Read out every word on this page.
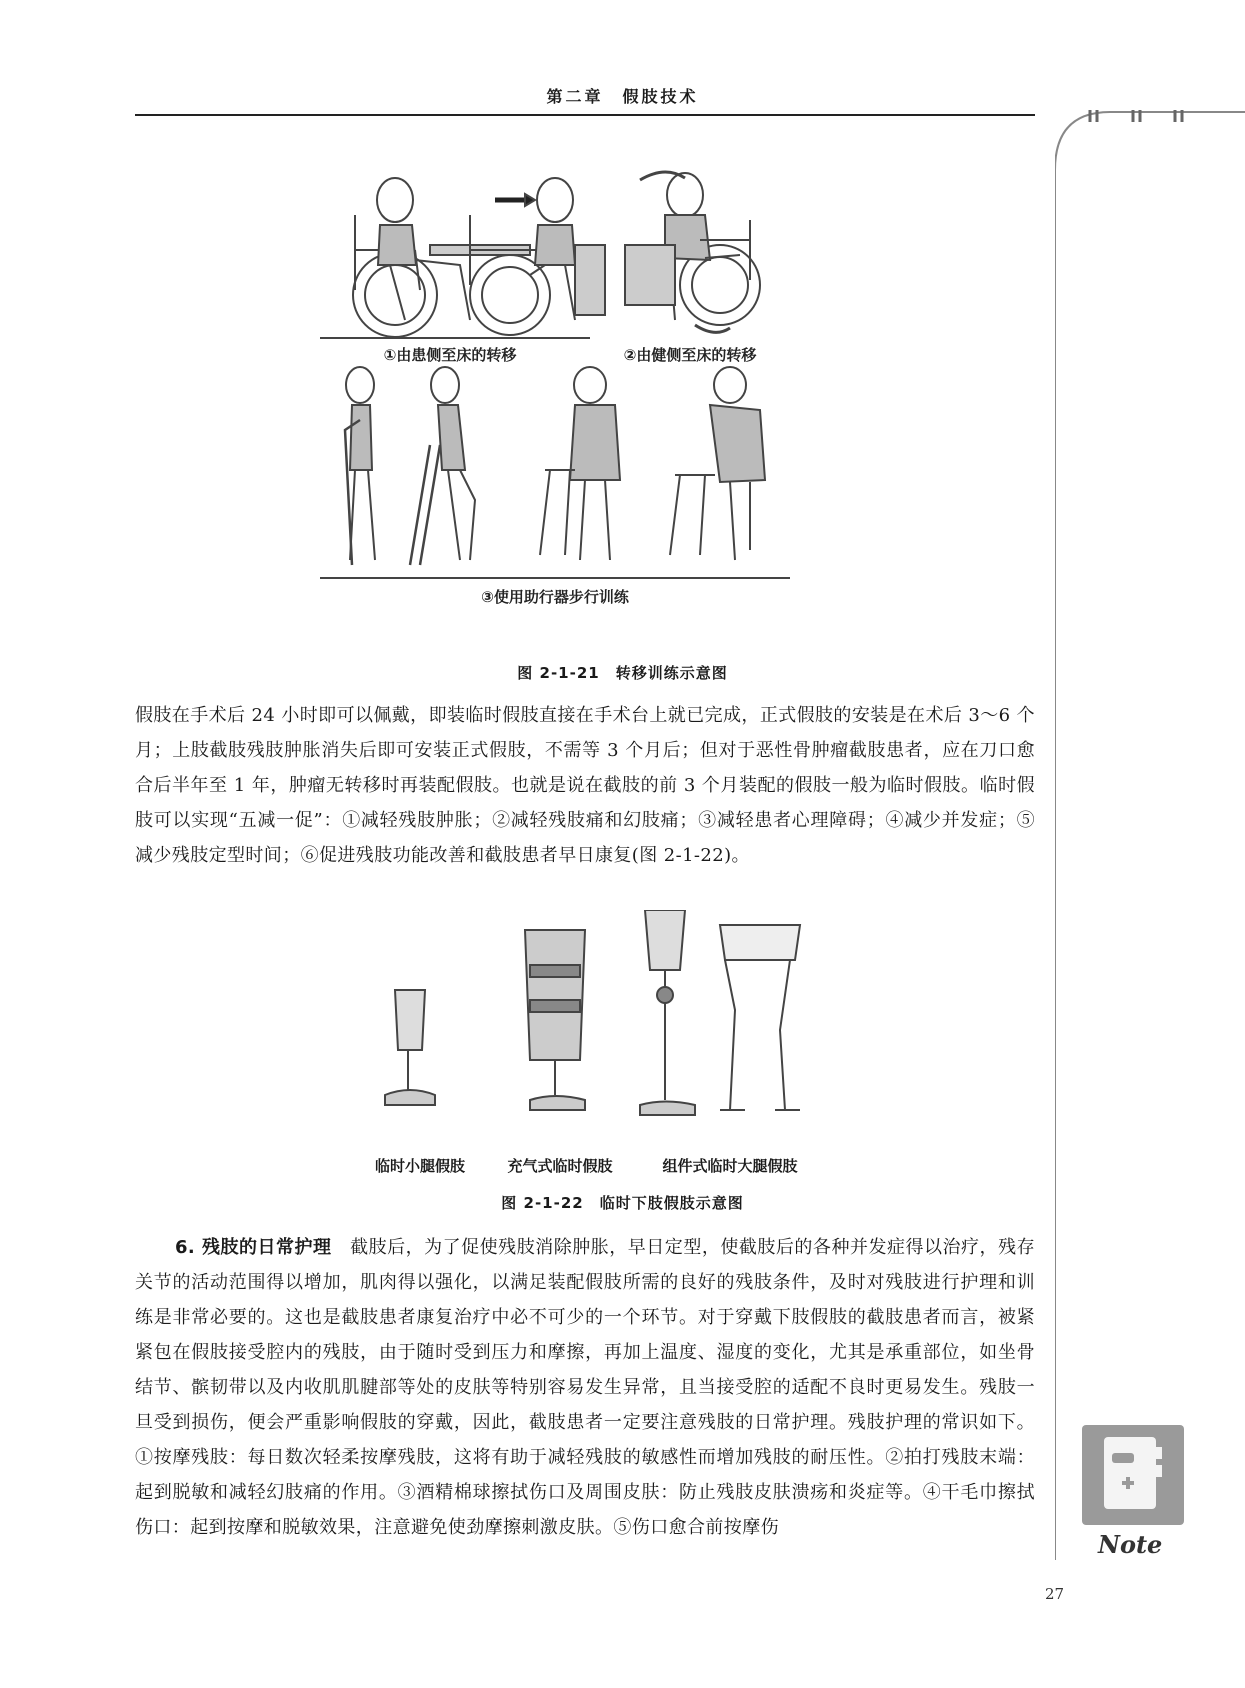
第二章　假肢技术
①由患侧至床的转移	②由健侧至床的转移
③使用助行器步行训练
图 2-1-21　转移训练示意图

假肢在手术后 24 小时即可以佩戴，即装临时假肢直接在手术台上就已完成，正式假肢的安装是在术后 3～6 个月；上肢截肢残肢肿胀消失后即可安装正式假肢，不需等 3 个月后；但对于恶性骨肿瘤截肢患者，应在刀口愈合后半年至 1 年，肿瘤无转移时再装配假肢。也就是说在截肢的前 3 个月装配的假肢一般为临时假肢。临时假肢可以实现“五减一促”：①减轻残肢肿胀；②减轻残肢痛和幻肢痛；③减轻患者心理障碍；④减少并发症；⑤减少残肢定型时间；⑥促进残肢功能改善和截肢患者早日康复(图 2-1-22)。

临时小腿假肢	充气式临时假肢	组件式临时大腿假肢
图 2-1-22　临时下肢假肢示意图
6. 残肢的日常护理　 截肢后，为了促使残肢消除肿胀，早日定型，使截肢后的各种并发症得以治疗，残存关节的活动范围得以增加，肌肉得以强化，以满足装配假肢所需的良好的残肢条件，及时对残肢进行护理和训练是非常必要的。这也是截肢患者康复治疗中必不可少的一个环节。对于穿戴下肢假肢的截肢患者而言，被紧紧包在假肢接受腔内的残肢，由于随时受到压力和摩擦，再加上温度、湿度的变化，尤其是承重部位，如坐骨结节、髌韧带以及内收肌肌腱部等处的皮肤等特别容易发生异常，且当接受腔的适配不良时更易发生。残肢一旦受到损伤，便会严重影响假肢的穿戴，因此，截肢患者一定要注意残肢的日常护理。残肢护理的常识如下。①按摩残肢：每日数次轻柔按摩残肢，这将有助于减轻残肢的敏感性而增加残肢的耐压性。②拍打残肢末端：起到脱敏和减轻幻肢痛的作用。③酒精棉球擦拭伤口及周围皮肤：防止残肢皮肤溃疡和炎症等。④干毛巾擦拭伤口：起到按摩和脱敏效果，注意避免使劲摩擦刺激皮肤。⑤伤口愈合前按摩伤
Note
27
